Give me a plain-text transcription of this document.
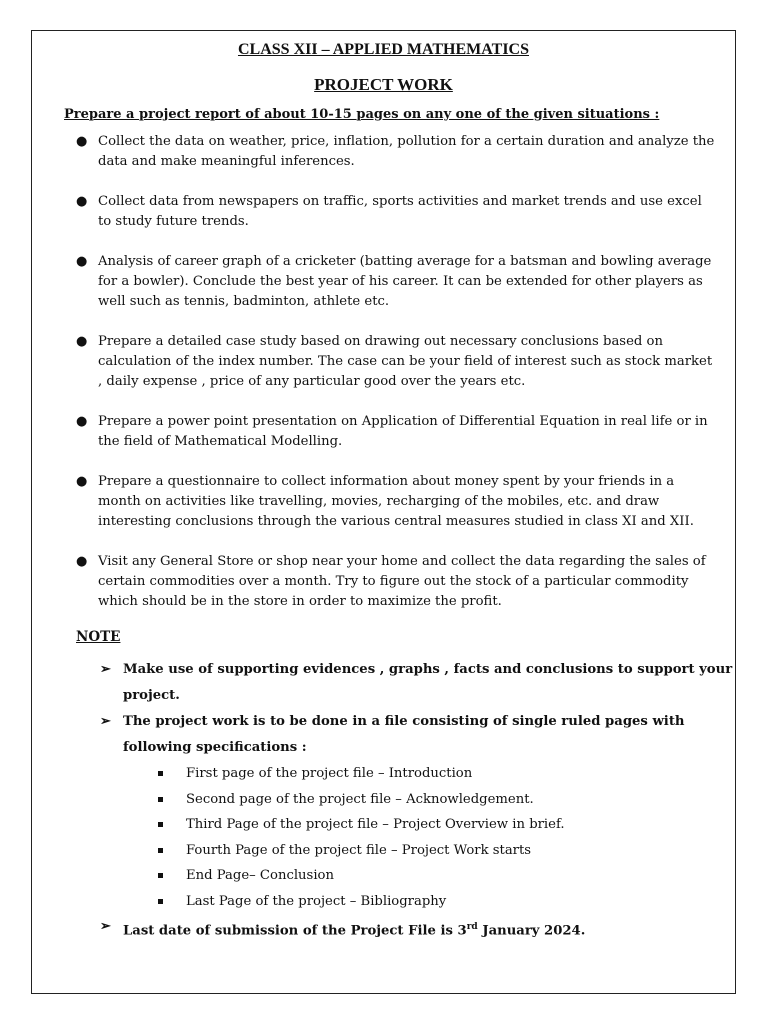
CLASS XII – APPLIED MATHEMATICS
PROJECT WORK
Prepare a project report of about 10-15 pages on any one of the given situations :
● Collect the data on weather, price, inflation, pollution for a certain duration and analyze the data and make meaningful inferences.
● Collect data from newspapers on traffic, sports activities and market trends and use excel to study future trends.
● Analysis of career graph of a cricketer (batting average for a batsman and bowling average for a bowler). Conclude the best year of his career. It can be extended for other players as well such as tennis, badminton, athlete etc.
● Prepare a detailed case study based on drawing out necessary conclusions based on calculation of the index number. The case can be your field of interest such as stock market , daily expense , price of any particular good over the years etc.
● Prepare a power point presentation on Application of Differential Equation in real life or in the field of Mathematical Modelling.
● Prepare a questionnaire to collect information about money spent by your friends in a month on activities like travelling, movies, recharging of the mobiles, etc. and draw interesting conclusions through the various central measures studied in class XI and XII.
● Visit any General Store or shop near your home and collect the data regarding the sales of certain commodities over a month. Try to figure out the stock of a particular commodity which should be in the store in order to maximize the profit.
NOTE
➢ Make use of supporting evidences , graphs , facts and conclusions to support your project.
➢ The project work is to be done in a file consisting of single ruled pages with following specifications :
First page of the project file – Introduction
Second page of the project file – Acknowledgement.
Third Page of the project file – Project Overview in brief.
Fourth Page of the project file – Project Work starts
End Page– Conclusion
Last Page of the project – Bibliography
➢ Last date of submission of the Project File is 3rd January 2024.
